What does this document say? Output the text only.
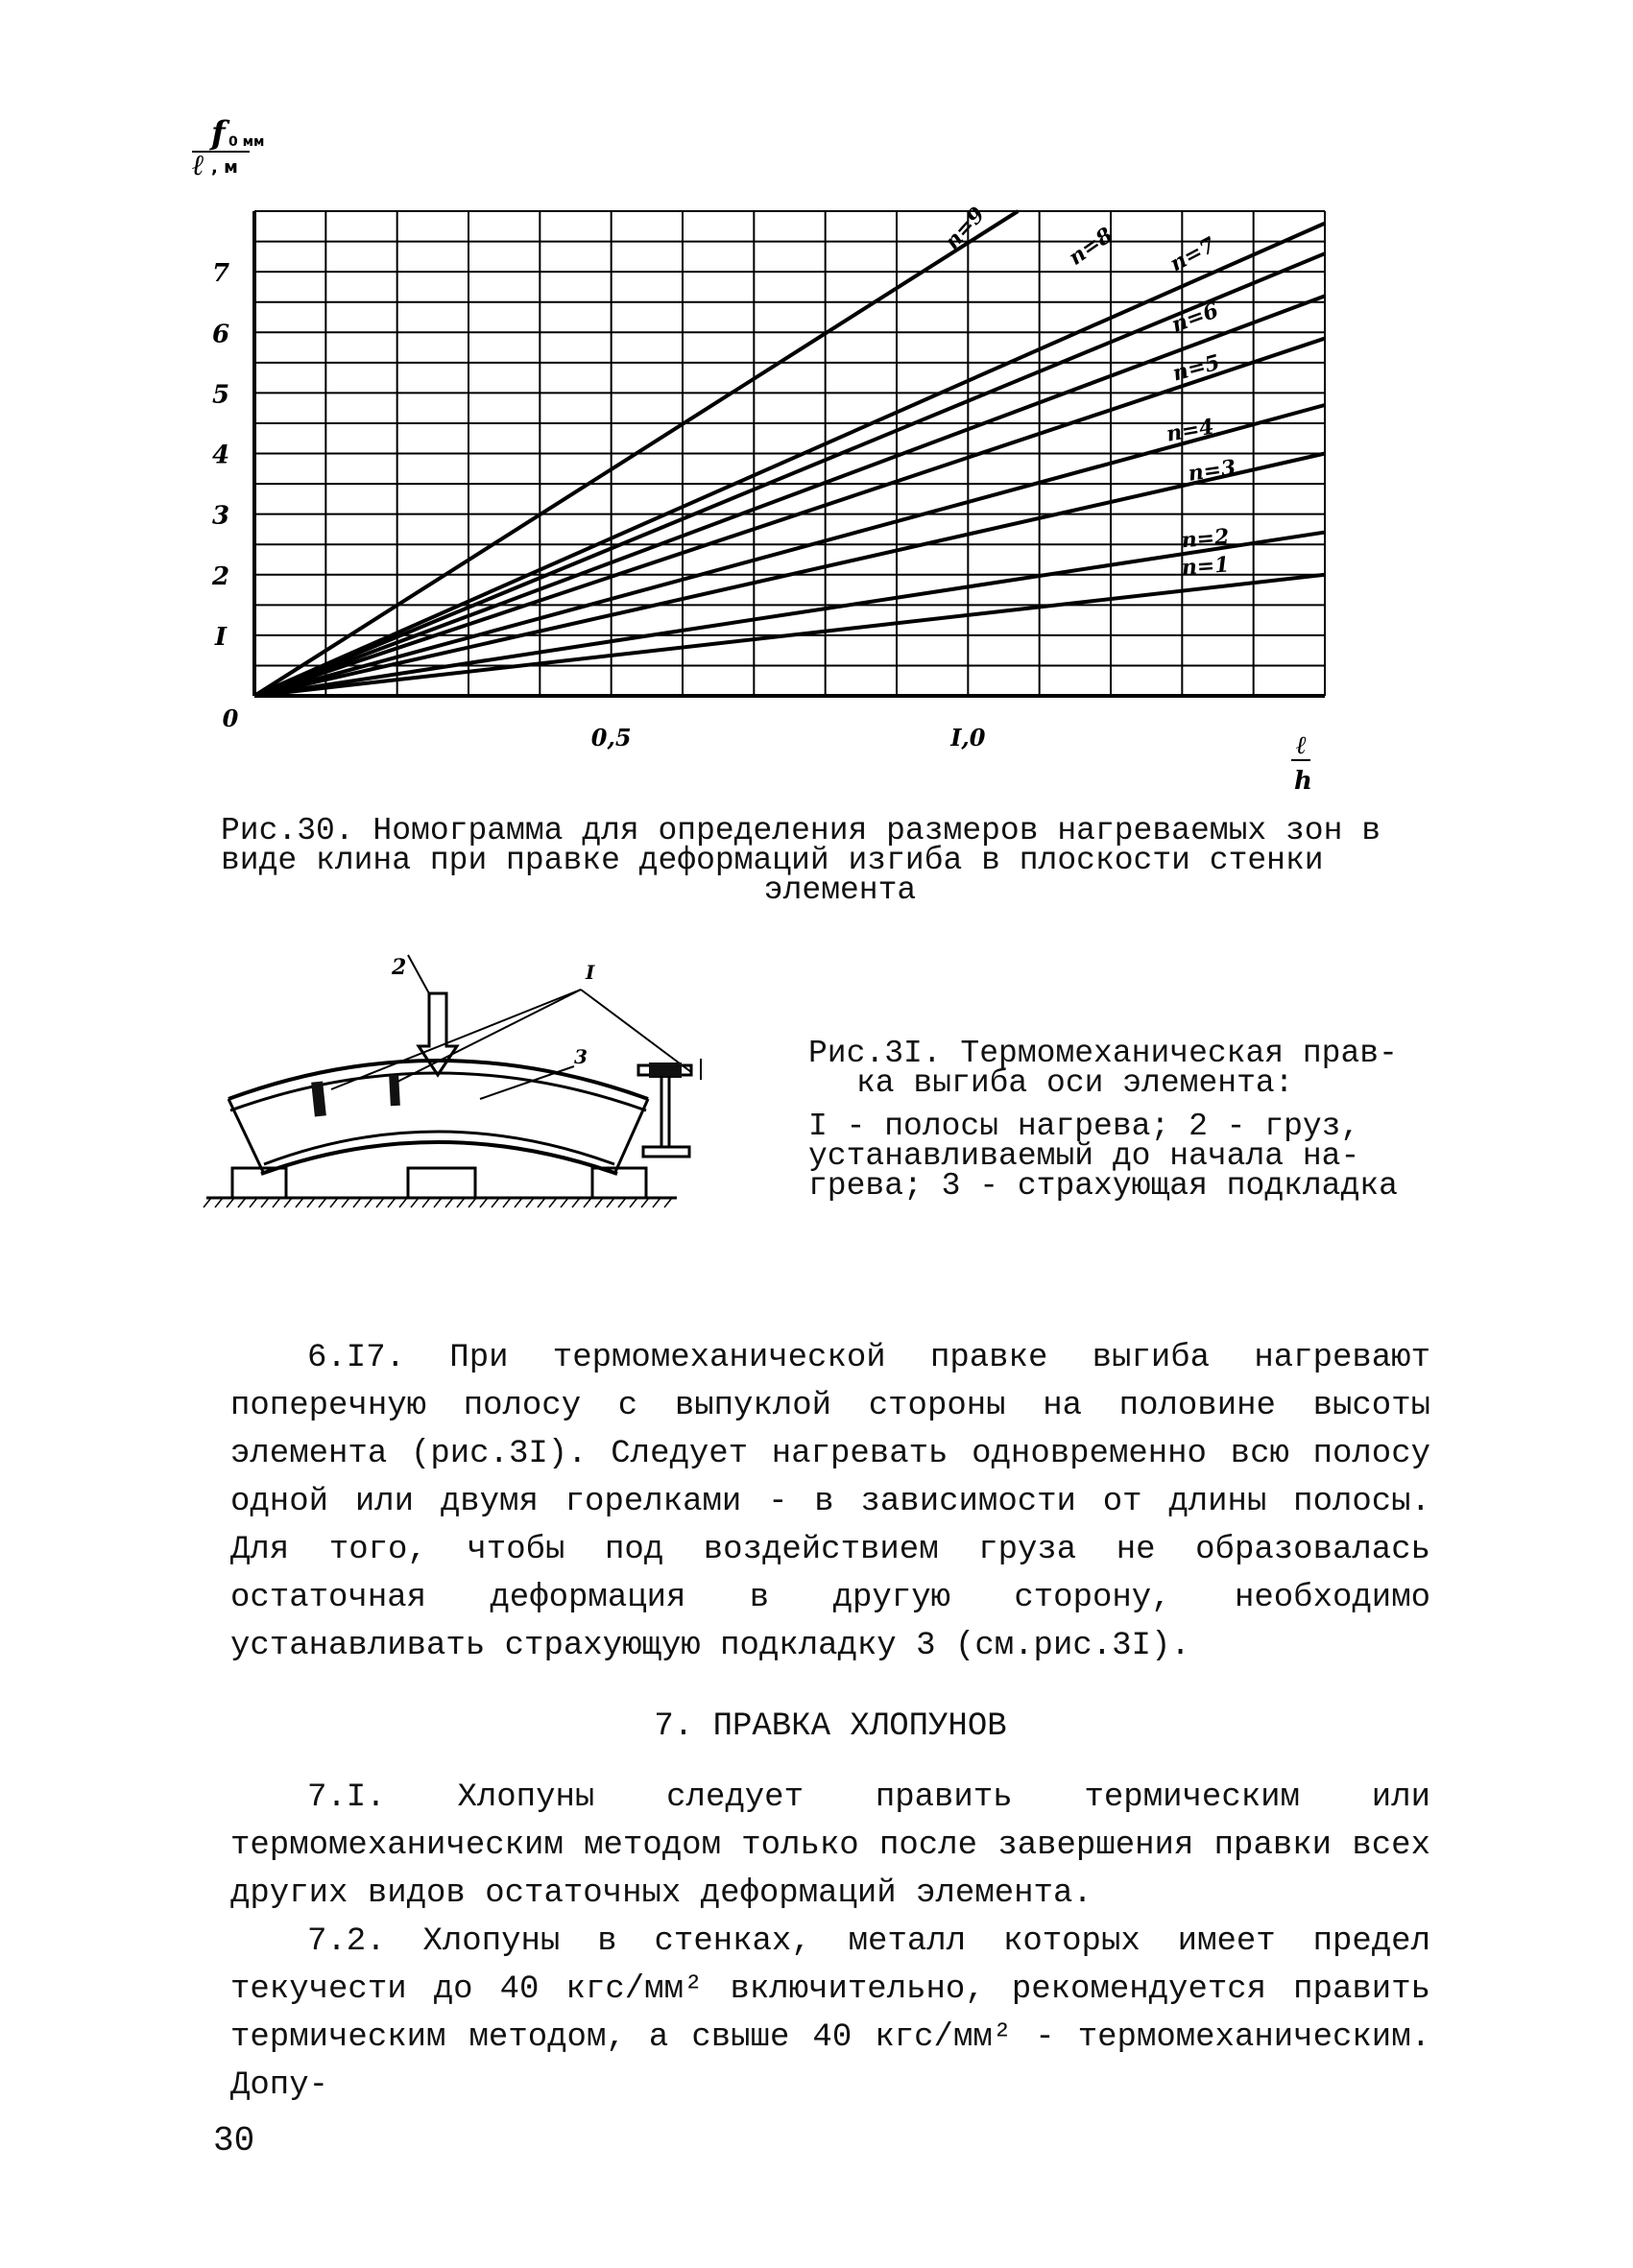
n=9	n=8 n=7
n=6
n=5
n=4
n=3
n=2
n=1
I
2
3
4
5
6
7
0,5	I,0
0
f 0 мм
ℓ , м
ℓ
h
Рис.30. Номограмма для определения размеров нагреваемых зон в
виде клина при правке деформаций изгиба в плоскости стенки
элемента
2	I
3	Рис.3I. Термомеханическая прав-
ка выгиба оси элемента:
I - полосы нагрева; 2 - груз,
устанавливаемый до начала на-
грева; 3 - страхующая подкладка
6.I7. При термомеханической правке выгиба нагревают поперечную полосу с выпуклой стороны на половине высоты элемента (рис.3I). Следует нагревать одновременно всю полосу одной или двумя горелками - в зависимости от длины полосы. Для того, чтобы под воздействием груза не образовалась остаточная деформация в другую сторону, необходимо устанавливать страхующую подкладку 3 (см.рис.3I).
7. ПРАВКА ХЛОПУНОВ
7.I. Хлопуны следует править термическим или термомеханическим методом только после завершения правки всех других видов остаточных деформаций элемента.
7.2. Хлопуны в стенках, металл которых имеет предел текучести до 40 кгс/мм² включительно, рекомендуется править термическим методом, а свыше 40 кгс/мм² - термомеханическим. Допу-
30
